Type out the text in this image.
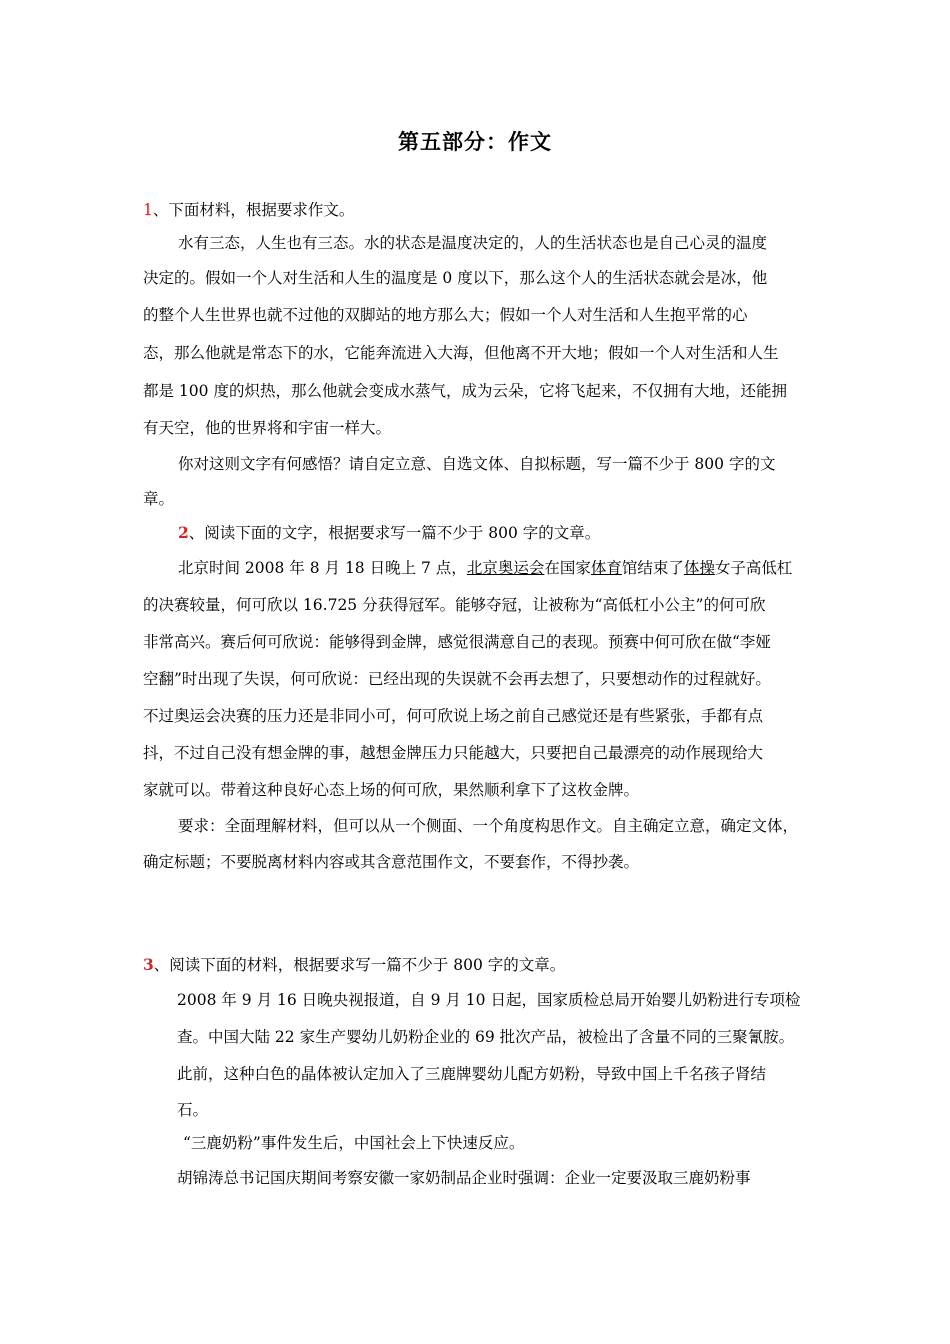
第五部分：作文
1、下面材料，根据要求作文。
水有三态，人生也有三态。水的状态是温度决定的，人的生活状态也是自己心灵的温度
决定的。假如一个人对生活和人生的温度是 0 度以下，那么这个人的生活状态就会是冰，他
的整个人生世界也就不过他的双脚站的地方那么大；假如一个人对生活和人生抱平常的心
态，那么他就是常态下的水，它能奔流进入大海，但他离不开大地；假如一个人对生活和人生
都是 100 度的炽热，那么他就会变成水蒸气，成为云朵，它将飞起来，不仅拥有大地，还能拥
有天空，他的世界将和宇宙一样大。
你对这则文字有何感悟？请自定立意、自选文体、自拟标题，写一篇不少于 800 字的文
章。
2、阅读下面的文字，根据要求写一篇不少于 800 字的文章。
北京时间 2008 年 8 月 18 日晚上 7 点，北京奥运会在国家体育馆结束了体操女子高低杠
的决赛较量，何可欣以 16.725 分获得冠军。能够夺冠，让被称为“高低杠小公主”的何可欣
非常高兴。赛后何可欣说：能够得到金牌，感觉很满意自己的表现。预赛中何可欣在做“李娅
空翻”时出现了失误，何可欣说：已经出现的失误就不会再去想了，只要想动作的过程就好。
不过奥运会决赛的压力还是非同小可，何可欣说上场之前自己感觉还是有些紧张，手都有点
抖，不过自己没有想金牌的事，越想金牌压力只能越大，只要把自己最漂亮的动作展现给大
家就可以。带着这种良好心态上场的何可欣，果然顺利拿下了这枚金牌。
要求：全面理解材料，但可以从一个侧面、一个角度构思作文。自主确定立意，确定文体，
确定标题；不要脱离材料内容或其含意范围作文，不要套作，不得抄袭。
3、阅读下面的材料，根据要求写一篇不少于 800 字的文章。
2008 年 9 月 16 日晚央视报道，自 9 月 10 日起，国家质检总局开始婴儿奶粉进行专项检
查。中国大陆 22 家生产婴幼儿奶粉企业的 69 批次产品，被检出了含量不同的三聚氰胺。
此前，这种白色的晶体被认定加入了三鹿牌婴幼儿配方奶粉，导致中国上千名孩子肾结
石。
“三鹿奶粉”事件发生后，中国社会上下快速反应。
胡锦涛总书记国庆期间考察安徽一家奶制品企业时强调：企业一定要汲取三鹿奶粉事
